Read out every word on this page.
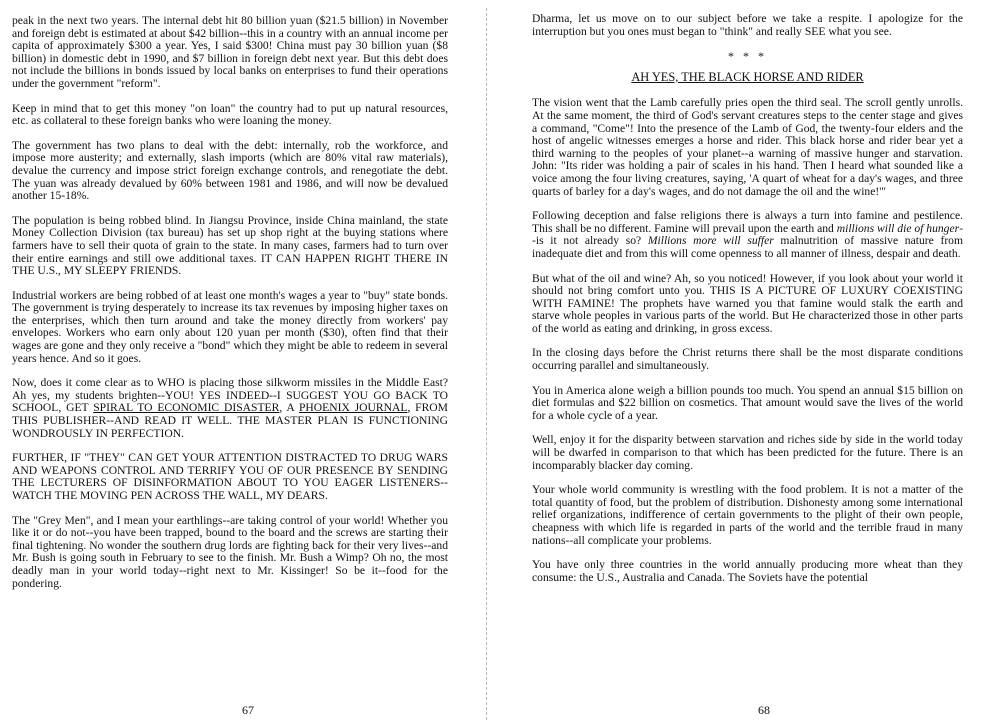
peak in the next two years. The internal debt hit 80 billion yuan ($21.5 billion) in November and foreign debt is estimated at about $42 billion--this in a country with an annual income per capita of approximately $300 a year. Yes, I said $300! China must pay 30 billion yuan ($8 billion) in domestic debt in 1990, and $7 billion in foreign debt next year. But this debt does not include the billions in bonds issued by local banks on enterprises to fund their operations under the government "reform".

Keep in mind that to get this money "on loan" the country had to put up natural resources, etc. as collateral to these foreign banks who were loaning the money.

The government has two plans to deal with the debt: internally, rob the workforce, and impose more austerity; and externally, slash imports (which are 80% vital raw materials), devalue the currency and impose strict foreign exchange controls, and renegotiate the debt. The yuan was already devalued by 60% between 1981 and 1986, and will now be devalued another 15-18%.

The population is being robbed blind. In Jiangsu Province, inside China mainland, the state Money Collection Division (tax bureau) has set up shop right at the buying stations where farmers have to sell their quota of grain to the state. In many cases, farmers had to turn over their entire earnings and still owe additional taxes. IT CAN HAPPEN RIGHT THERE IN THE U.S., MY SLEEPY FRIENDS.

Industrial workers are being robbed of at least one month's wages a year to "buy" state bonds. The government is trying desperately to increase its tax revenues by imposing higher taxes on the enterprises, which then turn around and take the money directly from workers' pay envelopes. Workers who earn only about 120 yuan per month ($30), often find that their wages are gone and they only receive a "bond" which they might be able to redeem in several years hence. And so it goes.

Now, does it come clear as to WHO is placing those silkworm missiles in the Middle East? Ah yes, my students brighten--YOU! YES INDEED--I SUGGEST YOU GO BACK TO SCHOOL, GET SPIRAL TO ECONOMIC DISASTER, A PHOENIX JOURNAL, FROM THIS PUBLISHER--AND READ IT WELL. THE MASTER PLAN IS FUNCTIONING WONDROUSLY IN PERFECTION.

FURTHER, IF "THEY" CAN GET YOUR ATTENTION DISTRACTED TO DRUG WARS AND WEAPONS CONTROL AND TERRIFY YOU OF OUR PRESENCE BY SENDING THE LECTURERS OF DISINFORMATION ABOUT TO YOU EAGER LISTENERS--WATCH THE MOVING PEN ACROSS THE WALL, MY DEARS.

The "Grey Men", and I mean your earthlings--are taking control of your world! Whether you like it or do not--you have been trapped, bound to the board and the screws are starting their final tightening. No wonder the southern drug lords are fighting back for their very lives--and Mr. Bush is going south in February to see to the finish. Mr. Bush a Wimp? Oh no, the most deadly man in your world today--right next to Mr. Kissinger! So be it--food for the pondering.

Dharma, let us move on to our subject before we take a respite. I apologize for the interruption but you ones must began to "think" and really SEE what you see.

* * *
AH YES, THE BLACK HORSE AND RIDER

The vision went that the Lamb carefully pries open the third seal. The scroll gently unrolls. At the same moment, the third of God's servant creatures steps to the center stage and gives a command, "Come"! Into the presence of the Lamb of God, the twenty-four elders and the host of angelic witnesses emerges a horse and rider. This black horse and rider bear yet a third warning to the peoples of your planet--a warning of massive hunger and starvation. John: "Its rider was holding a pair of scales in his hand. Then I heard what sounded like a voice among the four living creatures, saying, 'A quart of wheat for a day's wages, and three quarts of barley for a day's wages, and do not damage the oil and the wine!'"

Following deception and false religions there is always a turn into famine and pestilence. This shall be no different. Famine will prevail upon the earth and millions will die of hunger--is it not already so? Millions more will suffer malnutrition of massive nature from inadequate diet and from this will come openness to all manner of illness, despair and death.

But what of the oil and wine? Ah, so you noticed! However, if you look about your world it should not bring comfort unto you. THIS IS A PICTURE OF LUXURY COEXISTING WITH FAMINE! The prophets have warned you that famine would stalk the earth and starve whole peoples in various parts of the world. But He characterized those in other parts of the world as eating and drinking, in gross excess.

In the closing days before the Christ returns there shall be the most disparate conditions occurring parallel and simultaneously.

You in America alone weigh a billion pounds too much. You spend an annual $15 billion on diet formulas and $22 billion on cosmetics. That amount would save the lives of the world for a whole cycle of a year.

Well, enjoy it for the disparity between starvation and riches side by side in the world today will be dwarfed in comparison to that which has been predicted for the future. There is an incomparably blacker day coming.

Your whole world community is wrestling with the food problem. It is not a matter of the total quantity of food, but the problem of distribution. Dishonesty among some international relief organizations, indifference of certain governments to the plight of their own people, cheapness with which life is regarded in parts of the world and the terrible fraud in many nations--all complicate your problems.

You have only three countries in the world annually producing more wheat than they consume: the U.S., Australia and Canada. The Soviets have the potential

67	68
